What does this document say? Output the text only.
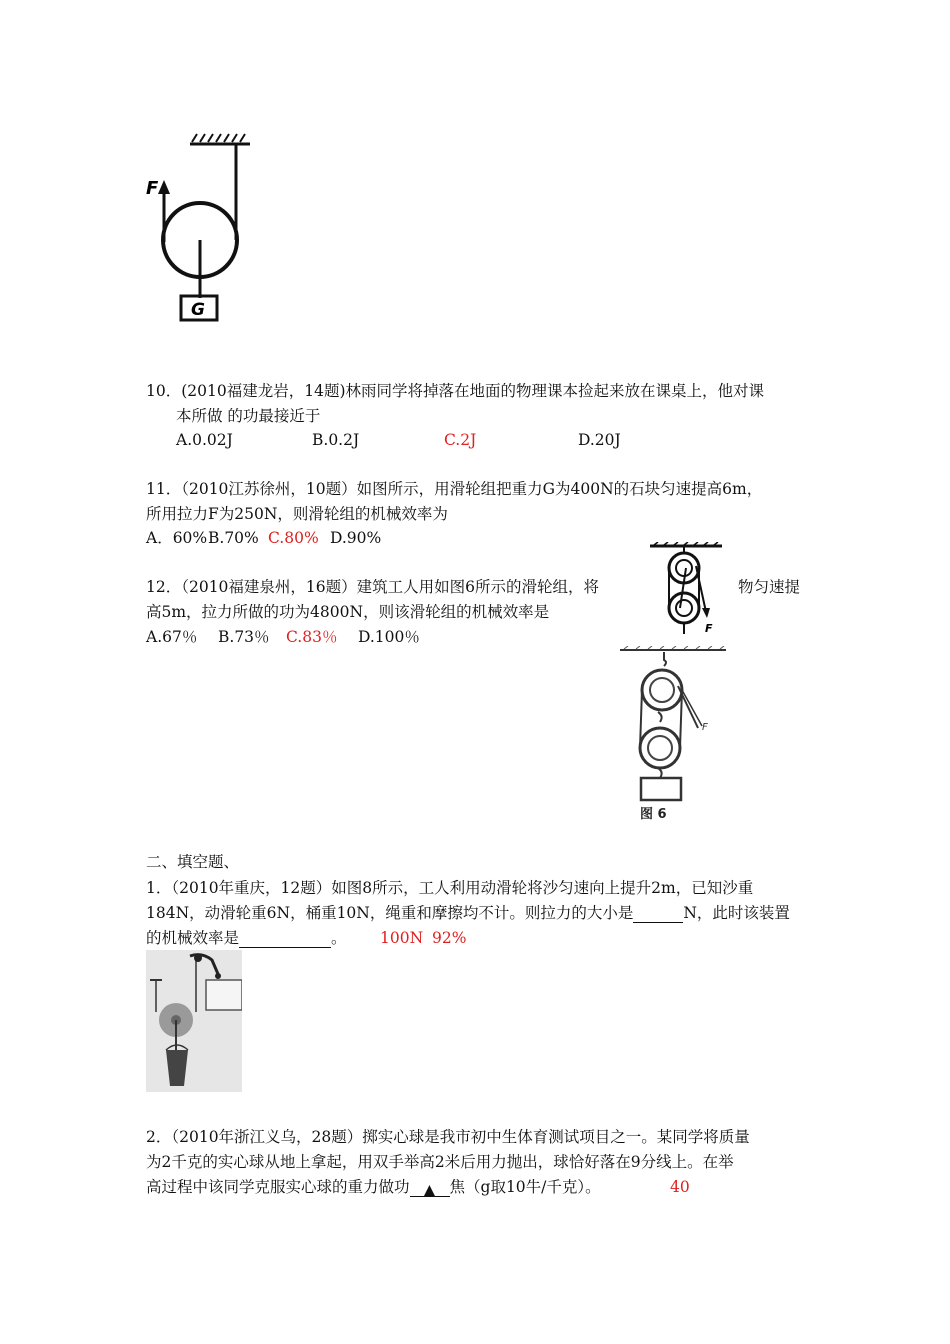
F
G
10．(2010福建龙岩，14题)林雨同学将掉落在地面的物理课本捡起来放在课桌上，他对课
本所做 的功最接近于
A.0.02J	B.0.2J	C.2J	D.20J
11．（2010江苏徐州，10题）如图所示，用滑轮组把重力G为400N的石块匀速提高6m，
所用拉力F为250N，则滑轮组的机械效率为
A．60% B.70% C.80% D.90%
F
12．（2010福建泉州，16题）建筑工人用如图6所示的滑轮组，将	物匀速提
高5m，拉力所做的功为4800N，则该滑轮组的机械效率是
A.67％ B.73％ C.83％ D.100％
F
图 6
二、填空题、
1．（2010年重庆，12题）如图8所示，工人利用动滑轮将沙匀速向上提升2m，已知沙重
184N，动滑轮重6N，桶重10N，绳重和摩擦均不计。则拉力的大小是	N，此时该装置
的机械效率是	。 100N 92%
2．（2010年浙江义乌，28题）掷实心球是我市初中生体育测试项目之一。某同学将质量
为2千克的实心球从地上拿起，用双手举高2米后用力抛出，球恰好落在9分线上。在举
高过程中该同学克服实心球的重力做功 ▲ 焦（g取10牛/千克）。	40
